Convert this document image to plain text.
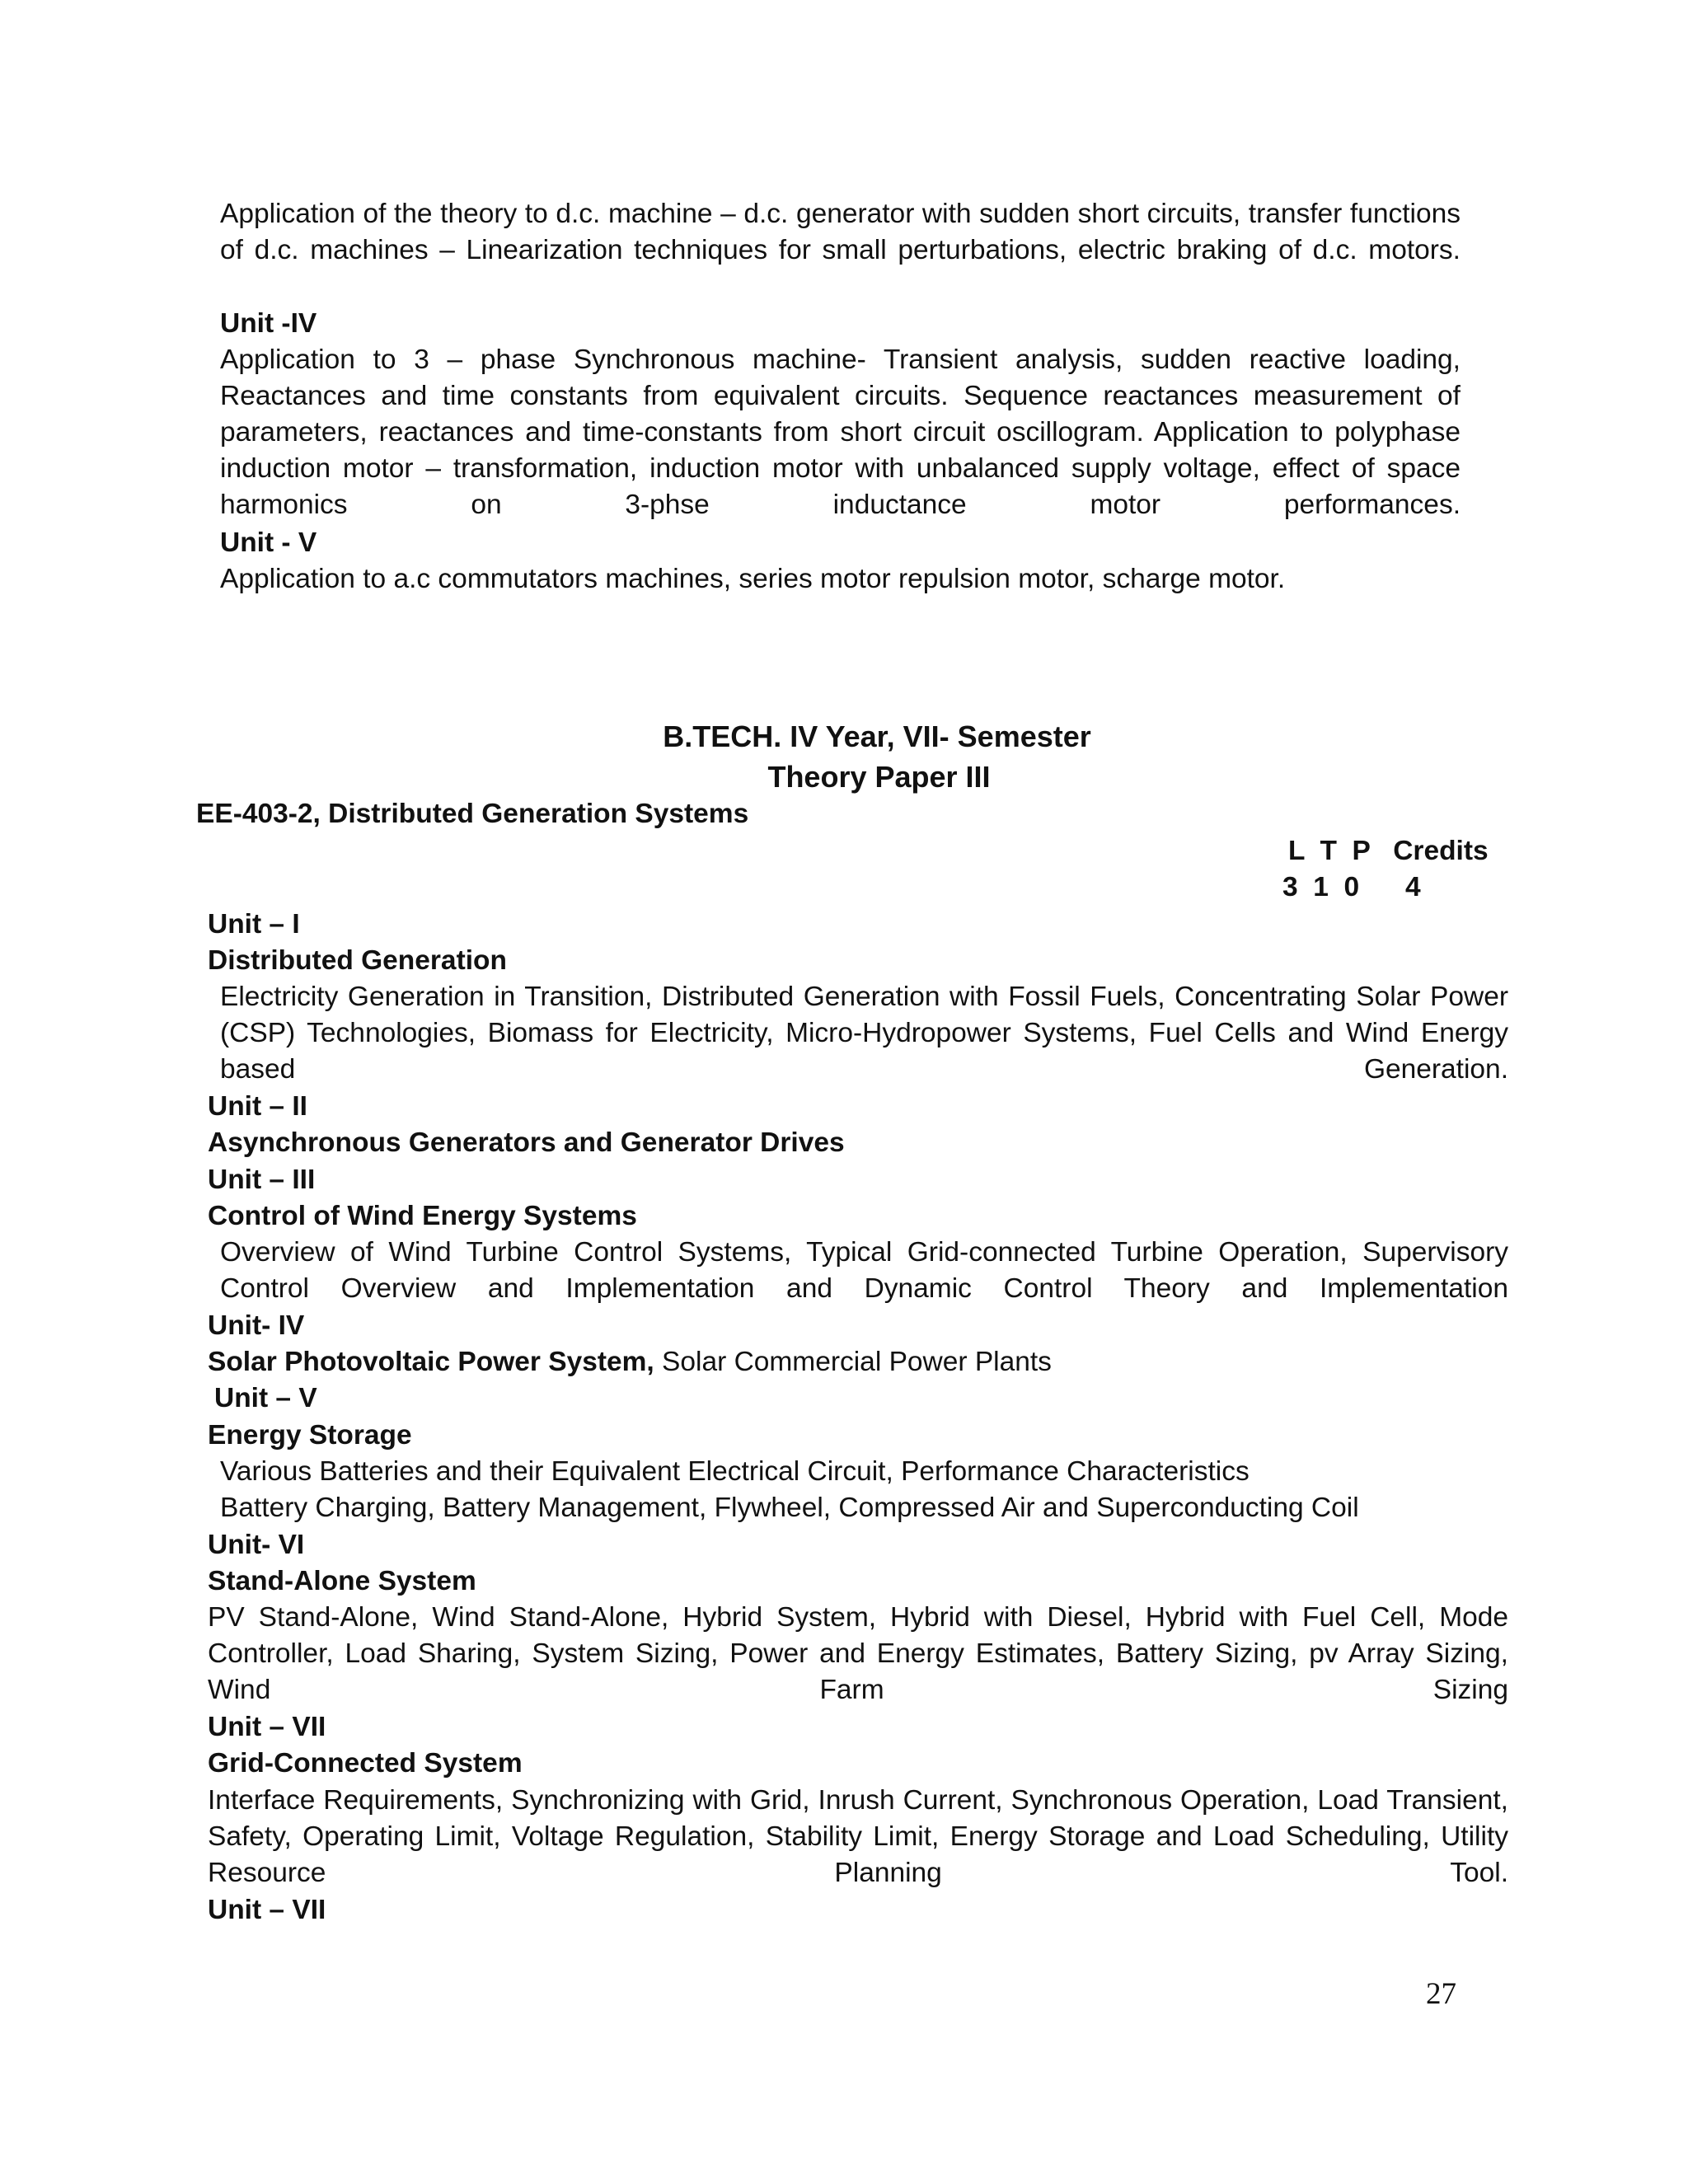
Application of the theory to d.c. machine – d.c. generator with sudden short circuits, transfer functions of d.c. machines – Linearization techniques for small perturbations, electric braking of d.c. motors.
Unit -IV
Application to 3 – phase Synchronous machine- Transient analysis, sudden reactive loading, Reactances and time constants from equivalent circuits. Sequence reactances measurement of parameters, reactances and time-constants from short circuit oscillogram. Application to polyphase induction motor – transformation, induction motor with unbalanced supply voltage, effect of space harmonics on 3-phse inductance motor performances.
Unit - V
Application to a.c commutators machines, series motor repulsion motor, scharge motor.
B.TECH. IV Year, VII- Semester
Theory Paper III
EE-403-2, Distributed Generation Systems
L  T  P   Credits
3  1  0      4
Unit – I
Distributed Generation
Electricity Generation in Transition, Distributed Generation with Fossil Fuels, Concentrating Solar Power (CSP) Technologies, Biomass for Electricity, Micro-Hydropower Systems, Fuel Cells and Wind Energy based Generation.
Unit – II
Asynchronous Generators and Generator Drives
Unit – III
Control of Wind Energy Systems
Overview of Wind Turbine Control Systems, Typical Grid-connected Turbine Operation, Supervisory Control Overview and Implementation and Dynamic Control Theory and Implementation
Unit- IV
Solar Photovoltaic Power System, Solar Commercial Power Plants
Unit – V
Energy Storage
Various Batteries and their Equivalent Electrical Circuit, Performance Characteristics
Battery Charging, Battery Management, Flywheel, Compressed Air and Superconducting Coil
Unit- VI
Stand-Alone System
PV Stand-Alone, Wind Stand-Alone, Hybrid System, Hybrid with Diesel, Hybrid with Fuel Cell, Mode Controller, Load Sharing, System Sizing, Power and Energy Estimates, Battery Sizing, pv Array Sizing, Wind Farm Sizing
Unit – VII
Grid-Connected System
Interface Requirements, Synchronizing with Grid, Inrush Current, Synchronous Operation, Load Transient, Safety, Operating Limit, Voltage Regulation, Stability Limit, Energy Storage and Load Scheduling, Utility Resource Planning Tool.
Unit – VII
27
